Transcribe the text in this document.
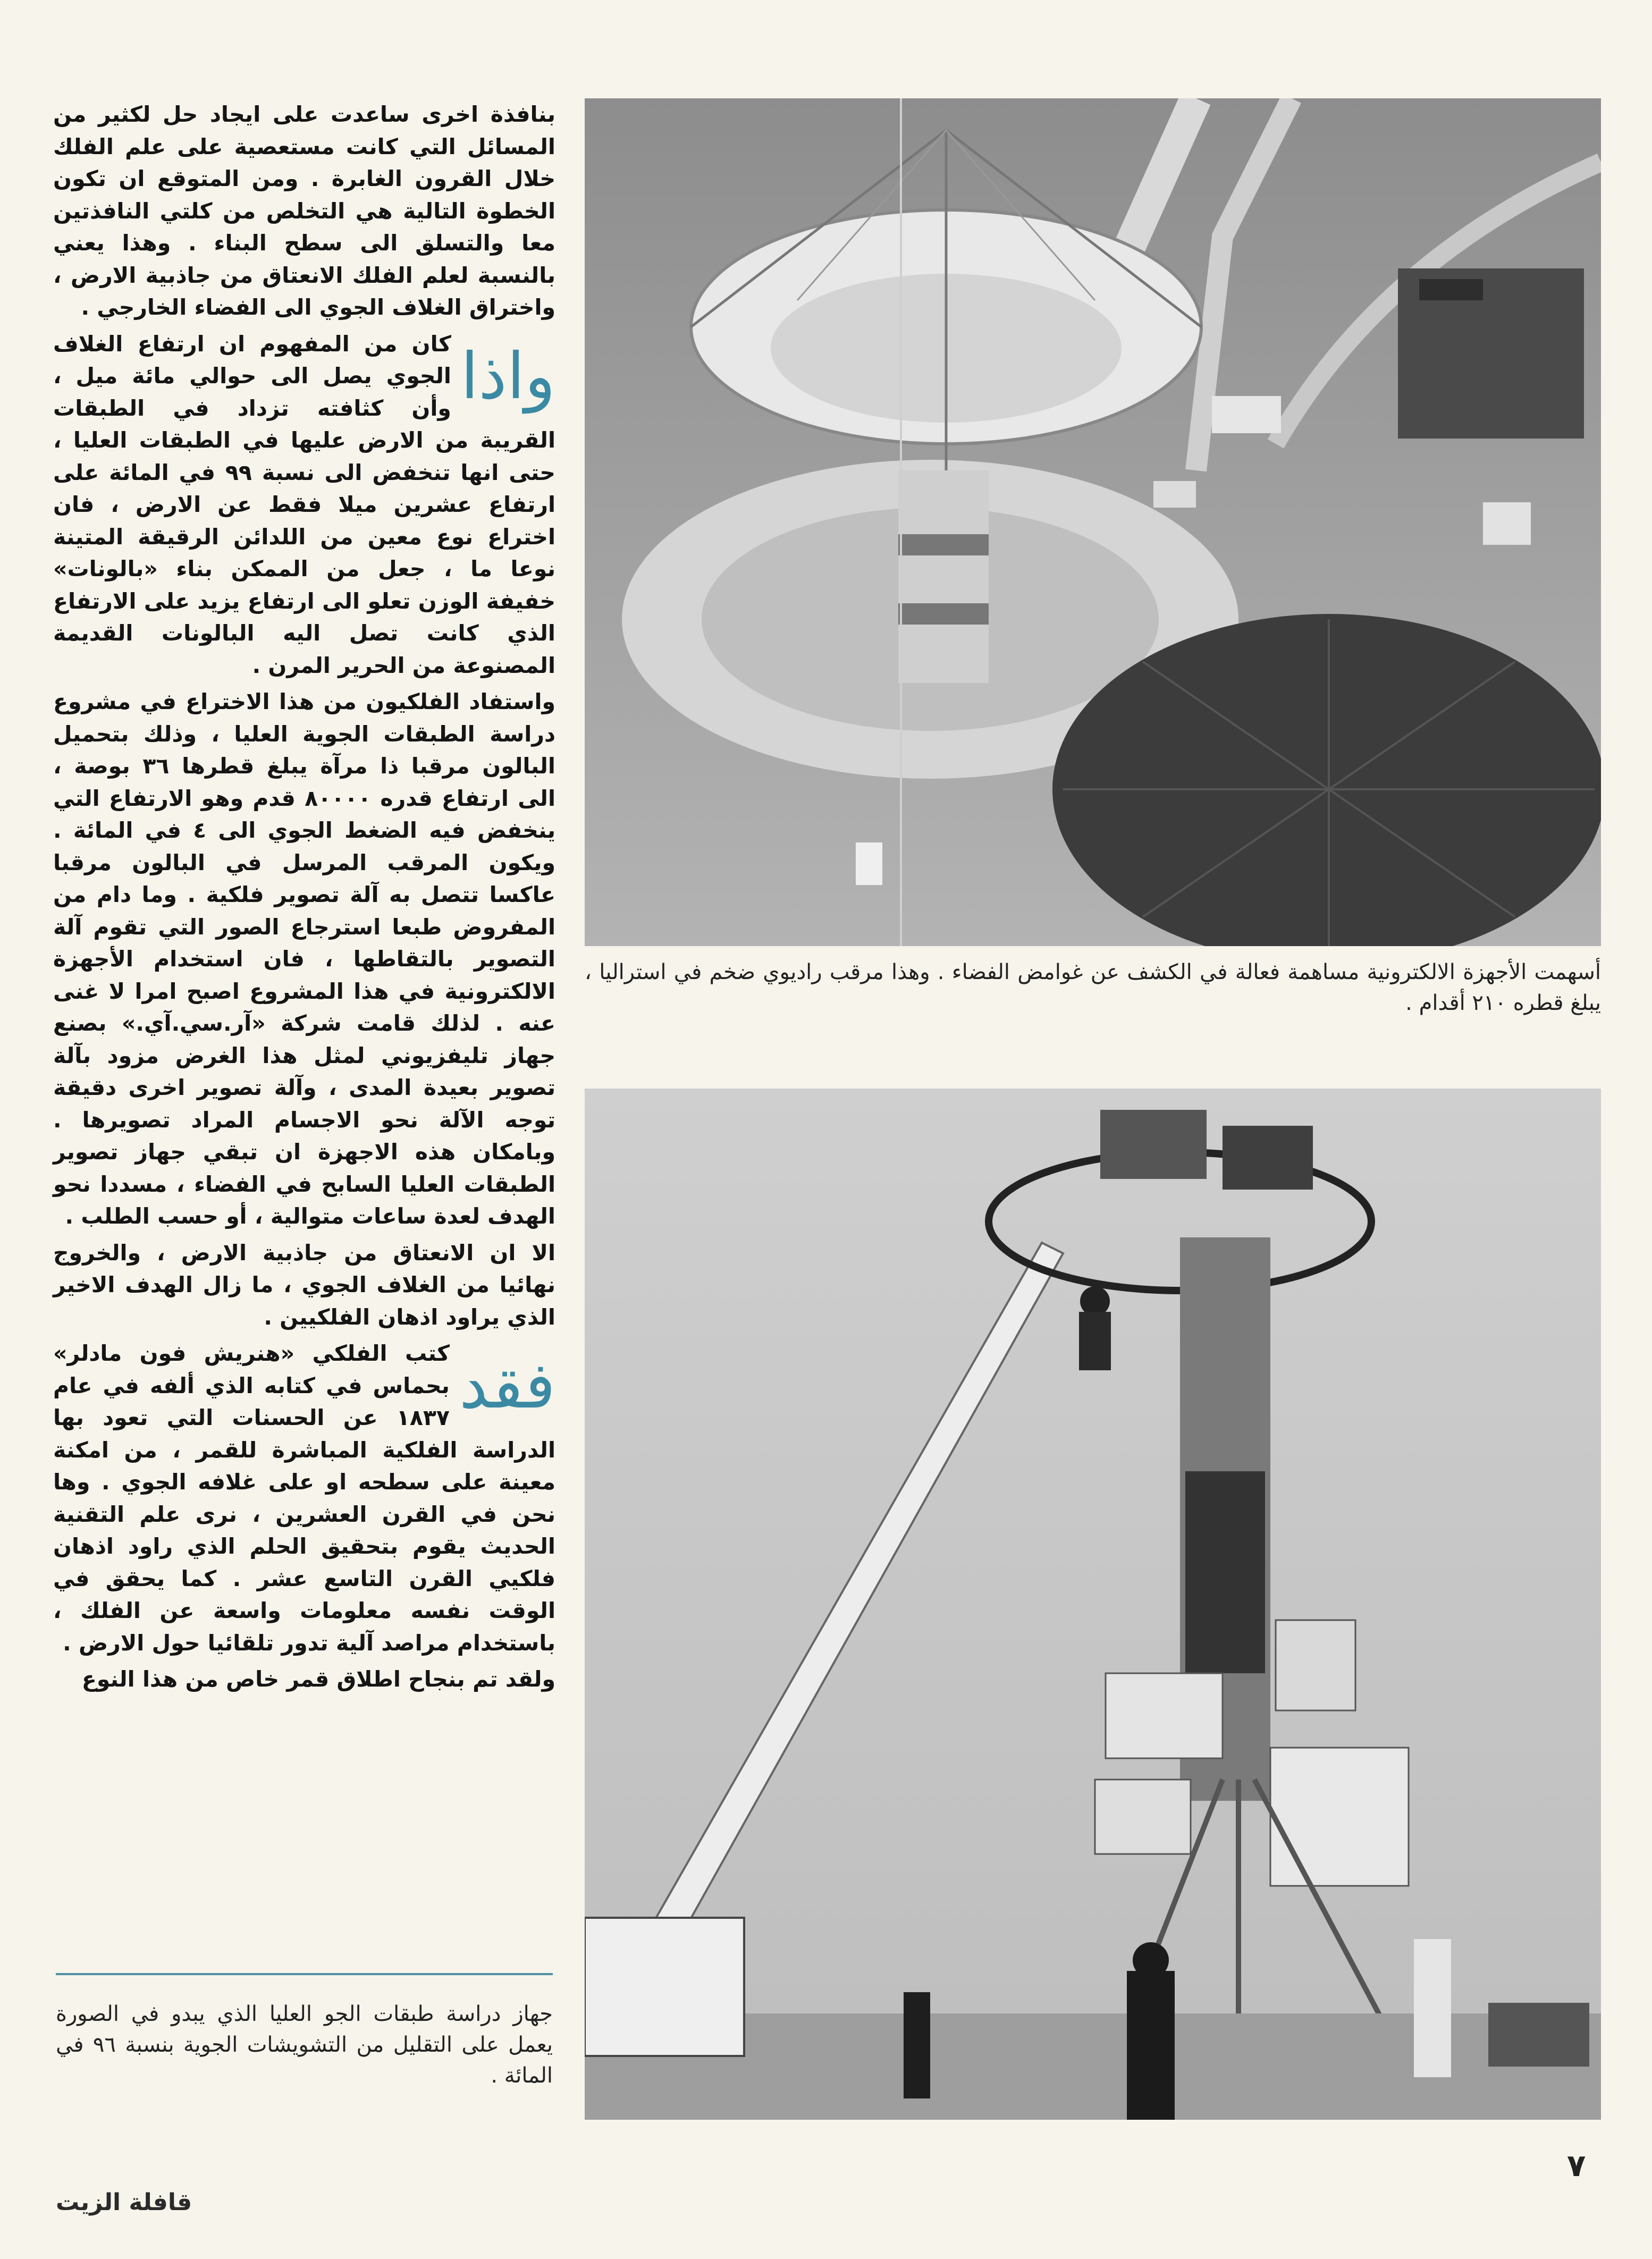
أسهمت الأجهزة الالكترونية مساهمة فعالة في الكشف عن غوامض الفضاء . وهذا مرقب راديوي ضخم في استراليا ، يبلغ قطره ٢١٠ أقدام .
جهاز دراسة طبقات الجو العليا الذي يبدو في الصورة يعمل على التقليل من التشويشات الجوية بنسبة ٩٦ في المائة .

بنافذة اخرى ساعدت على ايجاد حل لكثير من المسائل التي كانت مستعصية على علم الفلك خلال القرون الغابرة . ومن المتوقع ان تكون الخطوة التالية هي التخلص من كلتي النافذتين معا والتسلق الى سطح البناء . وهذا يعني بالنسبة لعلم الفلك الانعتاق من جاذبية الارض ، واختراق الغلاف الجوي الى الفضاء الخارجي .

واذا
كان من المفهوم ان ارتفاع الغلاف الجوي يصل الى حوالي مائة ميل ، وأن كثافته تزداد في الطبقات القريبة من الارض عليها في الطبقات العليا ، حتى انها تنخفض الى نسبة ٩٩ في المائة على ارتفاع عشرين ميلا فقط عن الارض ، فان اختراع نوع معين من اللدائن الرقيقة المتينة نوعا ما ، جعل من الممكن بناء «بالونات» خفيفة الوزن تعلو الى ارتفاع يزيد على الارتفاع الذي كانت تصل اليه البالونات القديمة المصنوعة من الحرير المرن .

واستفاد الفلكيون من هذا الاختراع في مشروع دراسة الطبقات الجوية العليا ، وذلك بتحميل البالون مرقبا ذا مرآة يبلغ قطرها ٣٦ بوصة ، الى ارتفاع قدره ٨٠٠٠٠ قدم وهو الارتفاع التي ينخفض فيه الضغط الجوي الى ٤ في المائة . ويكون المرقب المرسل في البالون مرقبا عاكسا تتصل به آلة تصوير فلكية . وما دام من المفروض طبعا استرجاع الصور التي تقوم آلة التصوير بالتقاطها ، فان استخدام الأجهزة الالكترونية في هذا المشروع اصبح امرا لا غنى عنه . لذلك قامت شركة «آر.سي.آي.» بصنع جهاز تليفزيوني لمثل هذا الغرض مزود بآلة تصوير بعيدة المدى ، وآلة تصوير اخرى دقيقة توجه الآلة نحو الاجسام المراد تصويرها . وبامكان هذه الاجهزة ان تبقي جهاز تصوير الطبقات العليا السابح في الفضاء ، مسددا نحو الهدف لعدة ساعات متوالية ، أو حسب الطلب .

الا ان الانعتاق من جاذبية الارض ، والخروج نهائيا من الغلاف الجوي ، ما زال الهدف الاخير الذي يراود اذهان الفلكيين .

فقد
كتب الفلكي «هنريش فون مادلر» بحماس في كتابه الذي ألفه في عام ١٨٣٧ عن الحسنات التي تعود بها الدراسة الفلكية المباشرة للقمر ، من امكنة معينة على سطحه او على غلافه الجوي . وها نحن في القرن العشرين ، نرى علم التقنية الحديث يقوم بتحقيق الحلم الذي راود اذهان فلكيي القرن التاسع عشر . كما يحقق في الوقت نفسه معلومات واسعة عن الفلك ، باستخدام مراصد آلية تدور تلقائيا حول الارض .

ولقد تم بنجاح اطلاق قمر خاص من هذا النوع

٧
قافلة الزيت
